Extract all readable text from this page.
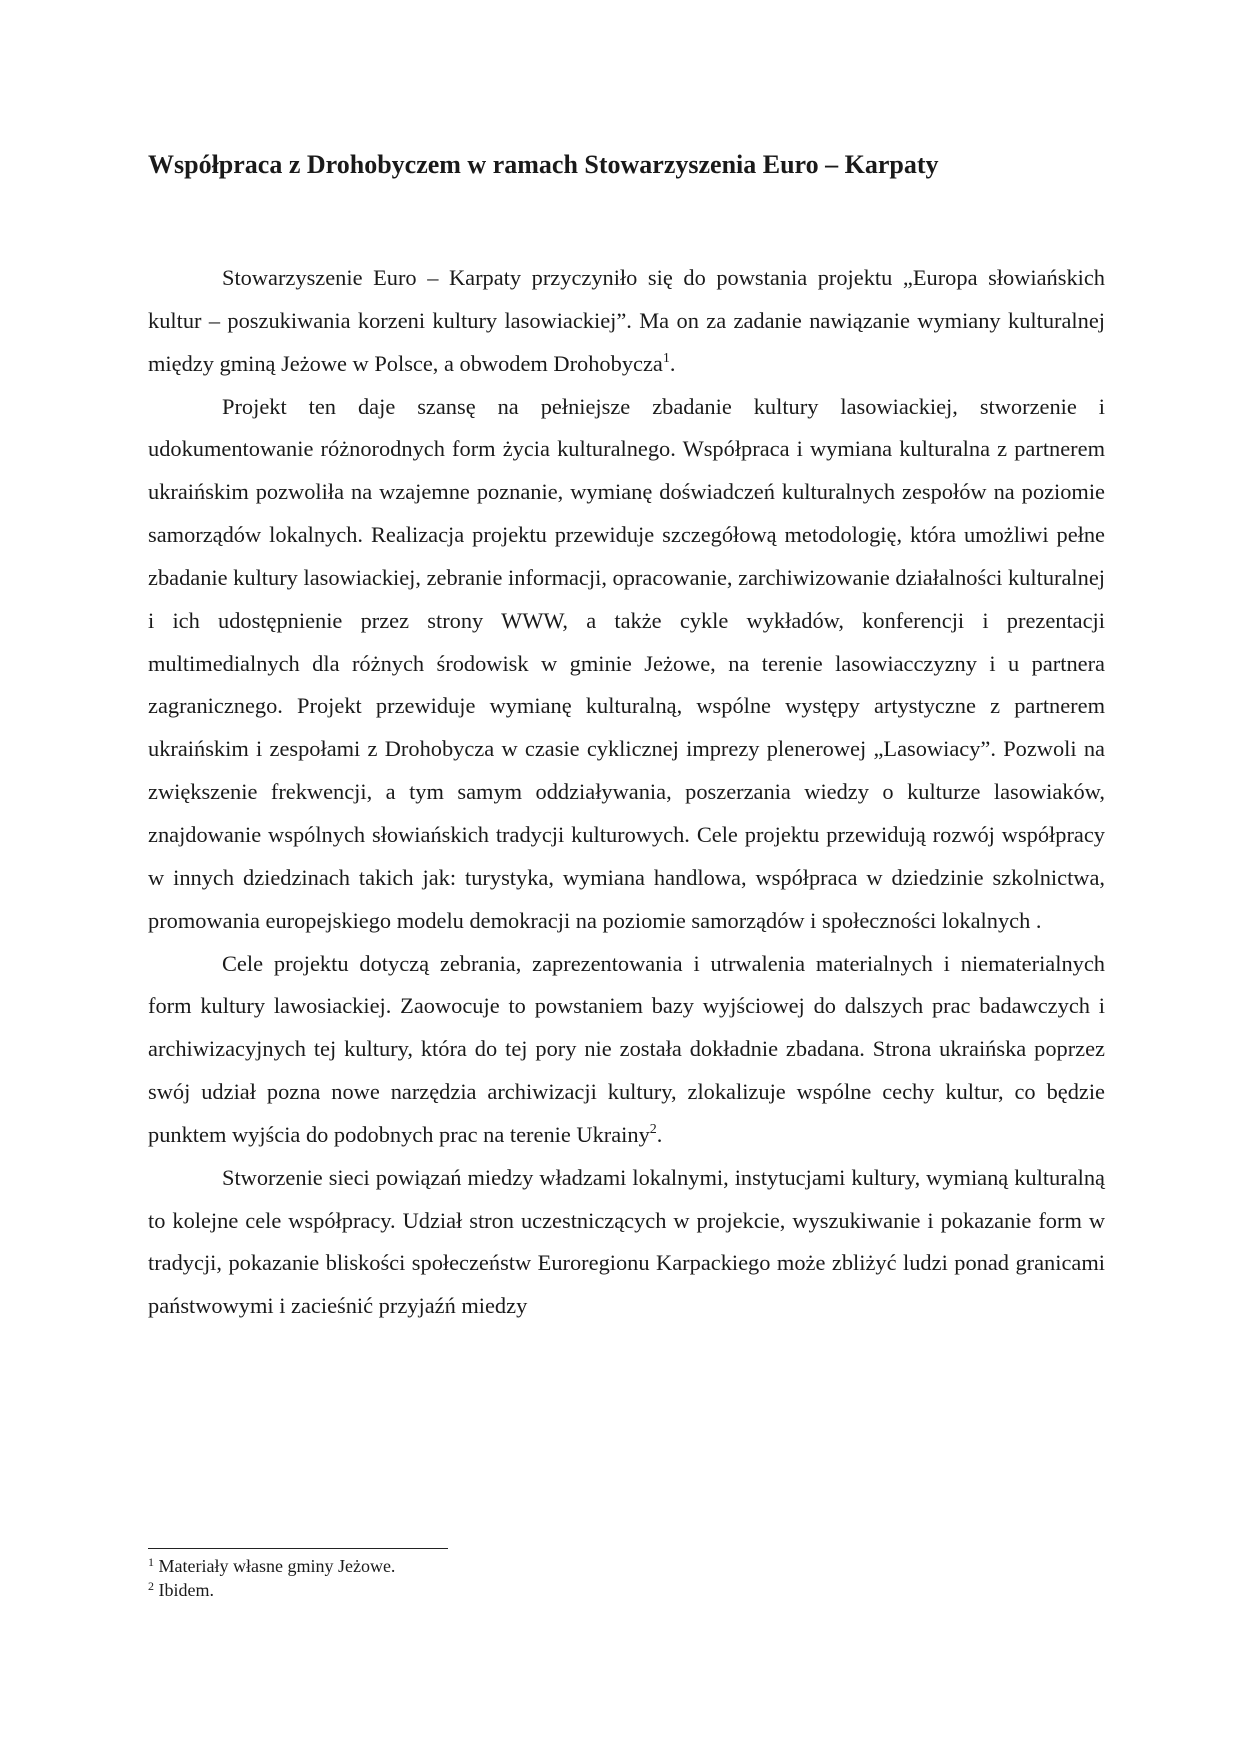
Współpraca z Drohobyczem w ramach Stowarzyszenia Euro – Karpaty

Stowarzyszenie Euro – Karpaty przyczyniło się do powstania projektu „Europa słowiańskich kultur – poszukiwania korzeni kultury lasowiackiej”. Ma on za zadanie nawiązanie wymiany kulturalnej między gminą Jeżowe w Polsce, a obwodem Drohobycza$^1$.

Projekt ten daje szansę na pełniejsze zbadanie kultury lasowiackiej, stworzenie i udokumentowanie różnorodnych form życia kulturalnego. Współpraca i wymiana kulturalna z partnerem ukraińskim pozwoliła na wzajemne poznanie, wymianę doświadczeń kulturalnych zespołów na poziomie samorządów lokalnych. Realizacja projektu przewiduje szczegółową metodologię, która umożliwi pełne zbadanie kultury lasowiackiej, zebranie informacji, opracowanie, zarchiwizowanie działalności kulturalnej i ich udostępnienie przez strony WWW, a także cykle wykładów, konferencji i prezentacji multimedialnych dla różnych środowisk w gminie Jeżowe, na terenie lasowiacczyzny i u partnera zagranicznego. Projekt przewiduje wymianę kulturalną, wspólne występy artystyczne z partnerem ukraińskim i zespołami z Drohobycza w czasie cyklicznej imprezy plenerowej „Lasowiacy”. Pozwoli na zwiększenie frekwencji, a tym samym oddziaływania, poszerzania wiedzy o kulturze lasowiaków, znajdowanie wspólnych słowiańskich tradycji kulturowych. Cele projektu przewidują rozwój współpracy w innych dziedzinach takich jak: turystyka, wymiana handlowa, współpraca w dziedzinie szkolnictwa, promowania europejskiego modelu demokracji na poziomie samorządów i społeczności lokalnych .

Cele projektu dotyczą zebrania, zaprezentowania i utrwalenia materialnych i niematerialnych form kultury lawosiackiej. Zaowocuje to powstaniem bazy wyjściowej do dalszych prac badawczych i archiwizacyjnych tej kultury, która do tej pory nie została dokładnie zbadana. Strona ukraińska poprzez swój udział pozna nowe narzędzia archiwizacji kultury, zlokalizuje wspólne cechy kultur, co będzie punktem wyjścia do podobnych prac na terenie Ukrainy$^2$.

Stworzenie sieci powiązań miedzy władzami lokalnymi, instytucjami kultury, wymianą kulturalną to kolejne cele współpracy. Udział stron uczestniczących w projekcie, wyszukiwanie i pokazanie form w tradycji, pokazanie bliskości społeczeństw Euroregionu Karpackiego może zbliżyć ludzi ponad granicami państwowymi i zacieśnić przyjaźń miedzy

$^1$ Materiały własne gminy Jeżowe.

$^2$ Ibidem.
